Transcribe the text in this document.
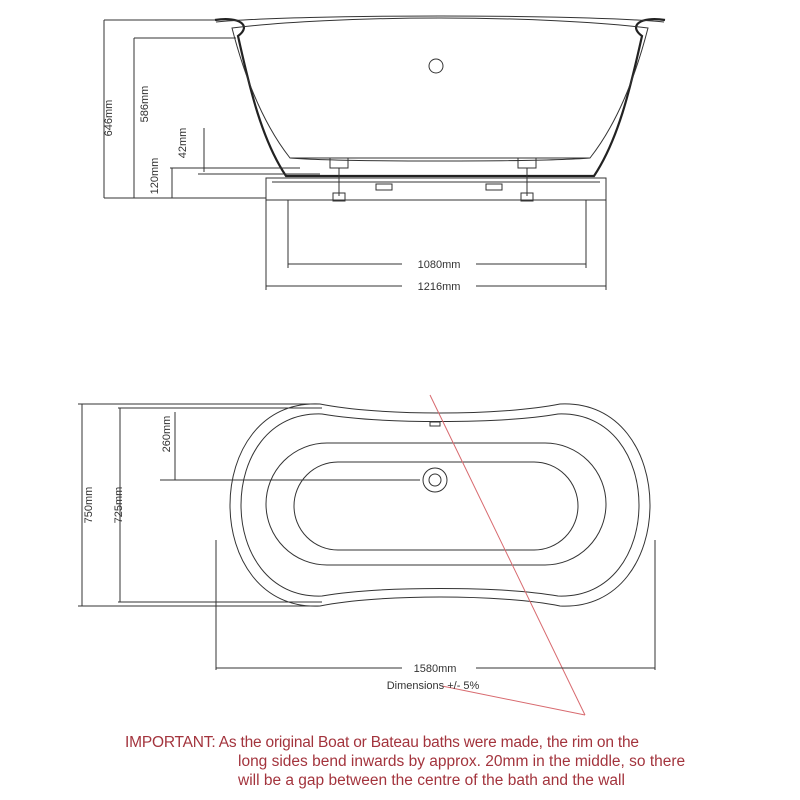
646mm 586mm
42mm
120mm
1080mm
1216mm
750mm 725mm
260mm
1580mm
Dimensions +/- 5%
IMPORTANT: As the original Boat or Bateau baths were made, the rim on the
long sides bend inwards by approx. 20mm in the middle, so there
will be a gap between the centre of the bath and the wall
